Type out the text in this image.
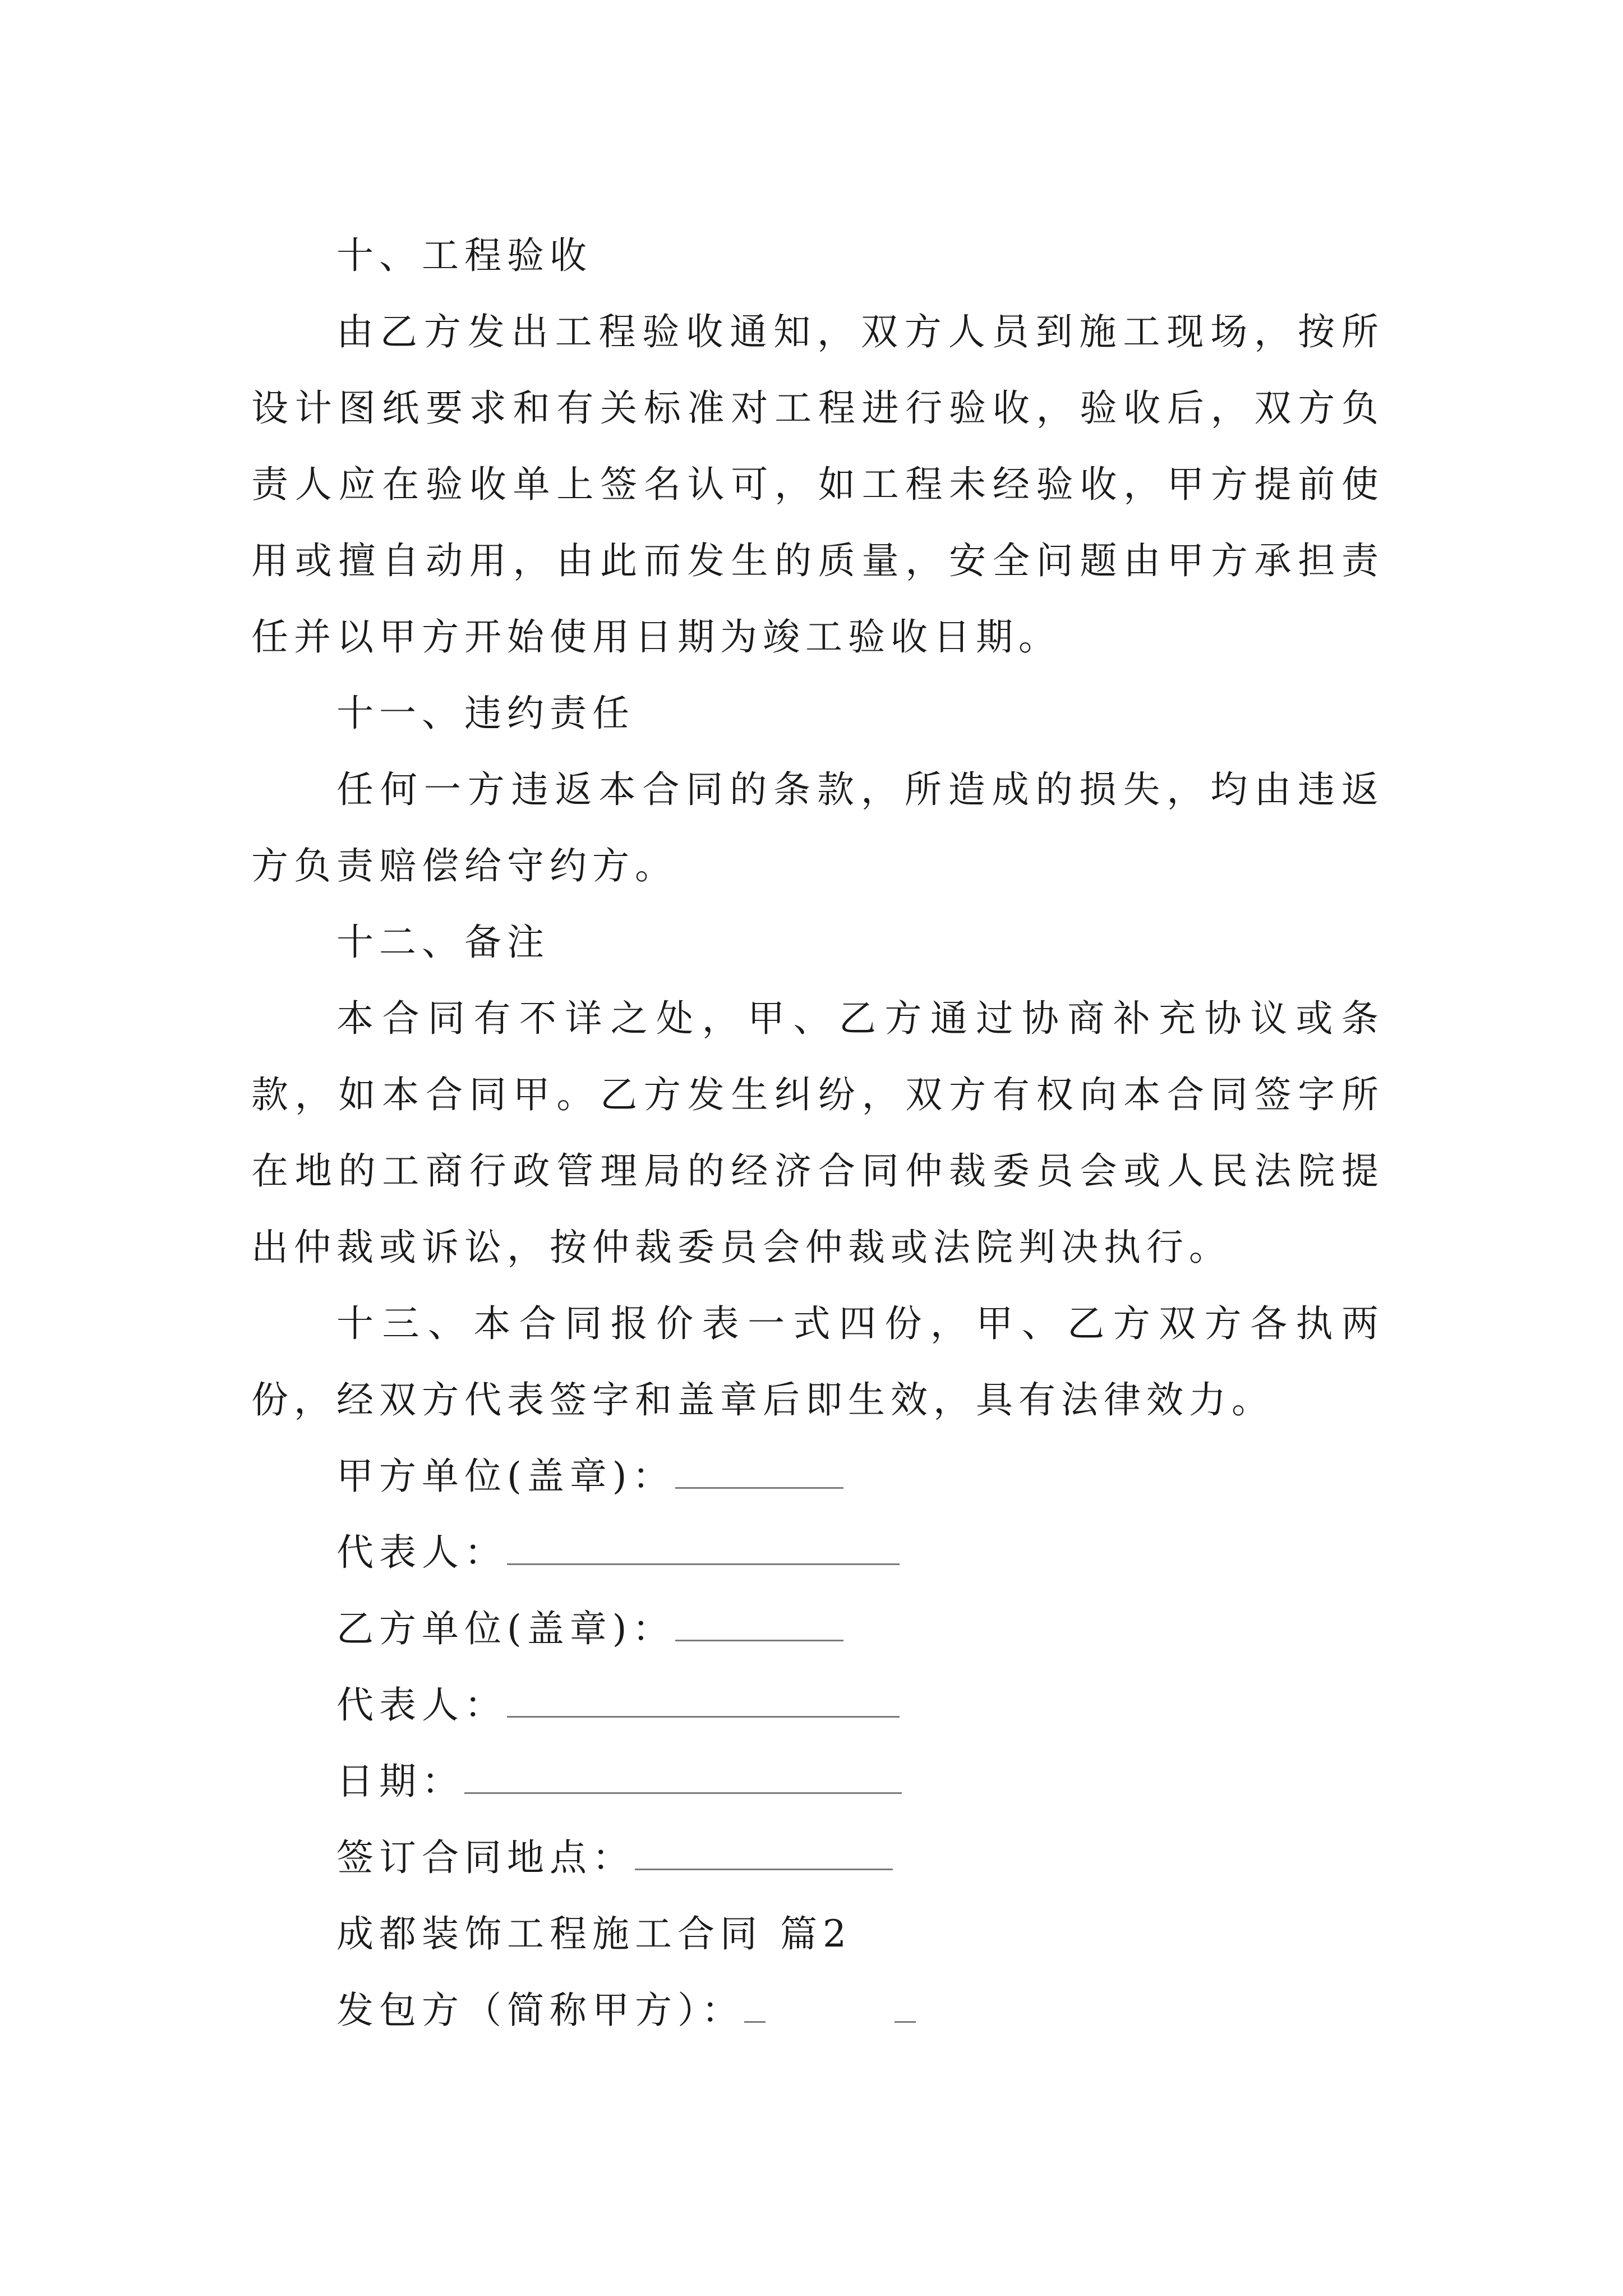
十、工程验收

由乙方发出工程验收通知，双方人员到施工现场，按所设计图纸要求和有关标准对工程进行验收，验收后，双方负责人应在验收单上签名认可，如工程未经验收，甲方提前使用或擅自动用，由此而发生的质量，安全问题由甲方承担责任并以甲方开始使用日期为竣工验收日期。

十一、违约责任

任何一方违返本合同的条款，所造成的损失，均由违返方负责赔偿给守约方。

十二、备注

本合同有不详之处，甲、乙方通过协商补充协议或条款，如本合同甲。乙方发生纠纷，双方有权向本合同签字所在地的工商行政管理局的经济合同仲裁委员会或人民法院提出仲裁或诉讼，按仲裁委员会仲裁或法院判决执行。

十三、本合同报价表一式四份，甲、乙方双方各执两份，经双方代表签字和盖章后即生效，具有法律效力。

甲方单位(盖章)：

代表人：

乙方单位(盖章)：

代表人：

日期：

签订合同地点：

成都装饰工程施工合同 篇2

发包方（简称甲方）：
